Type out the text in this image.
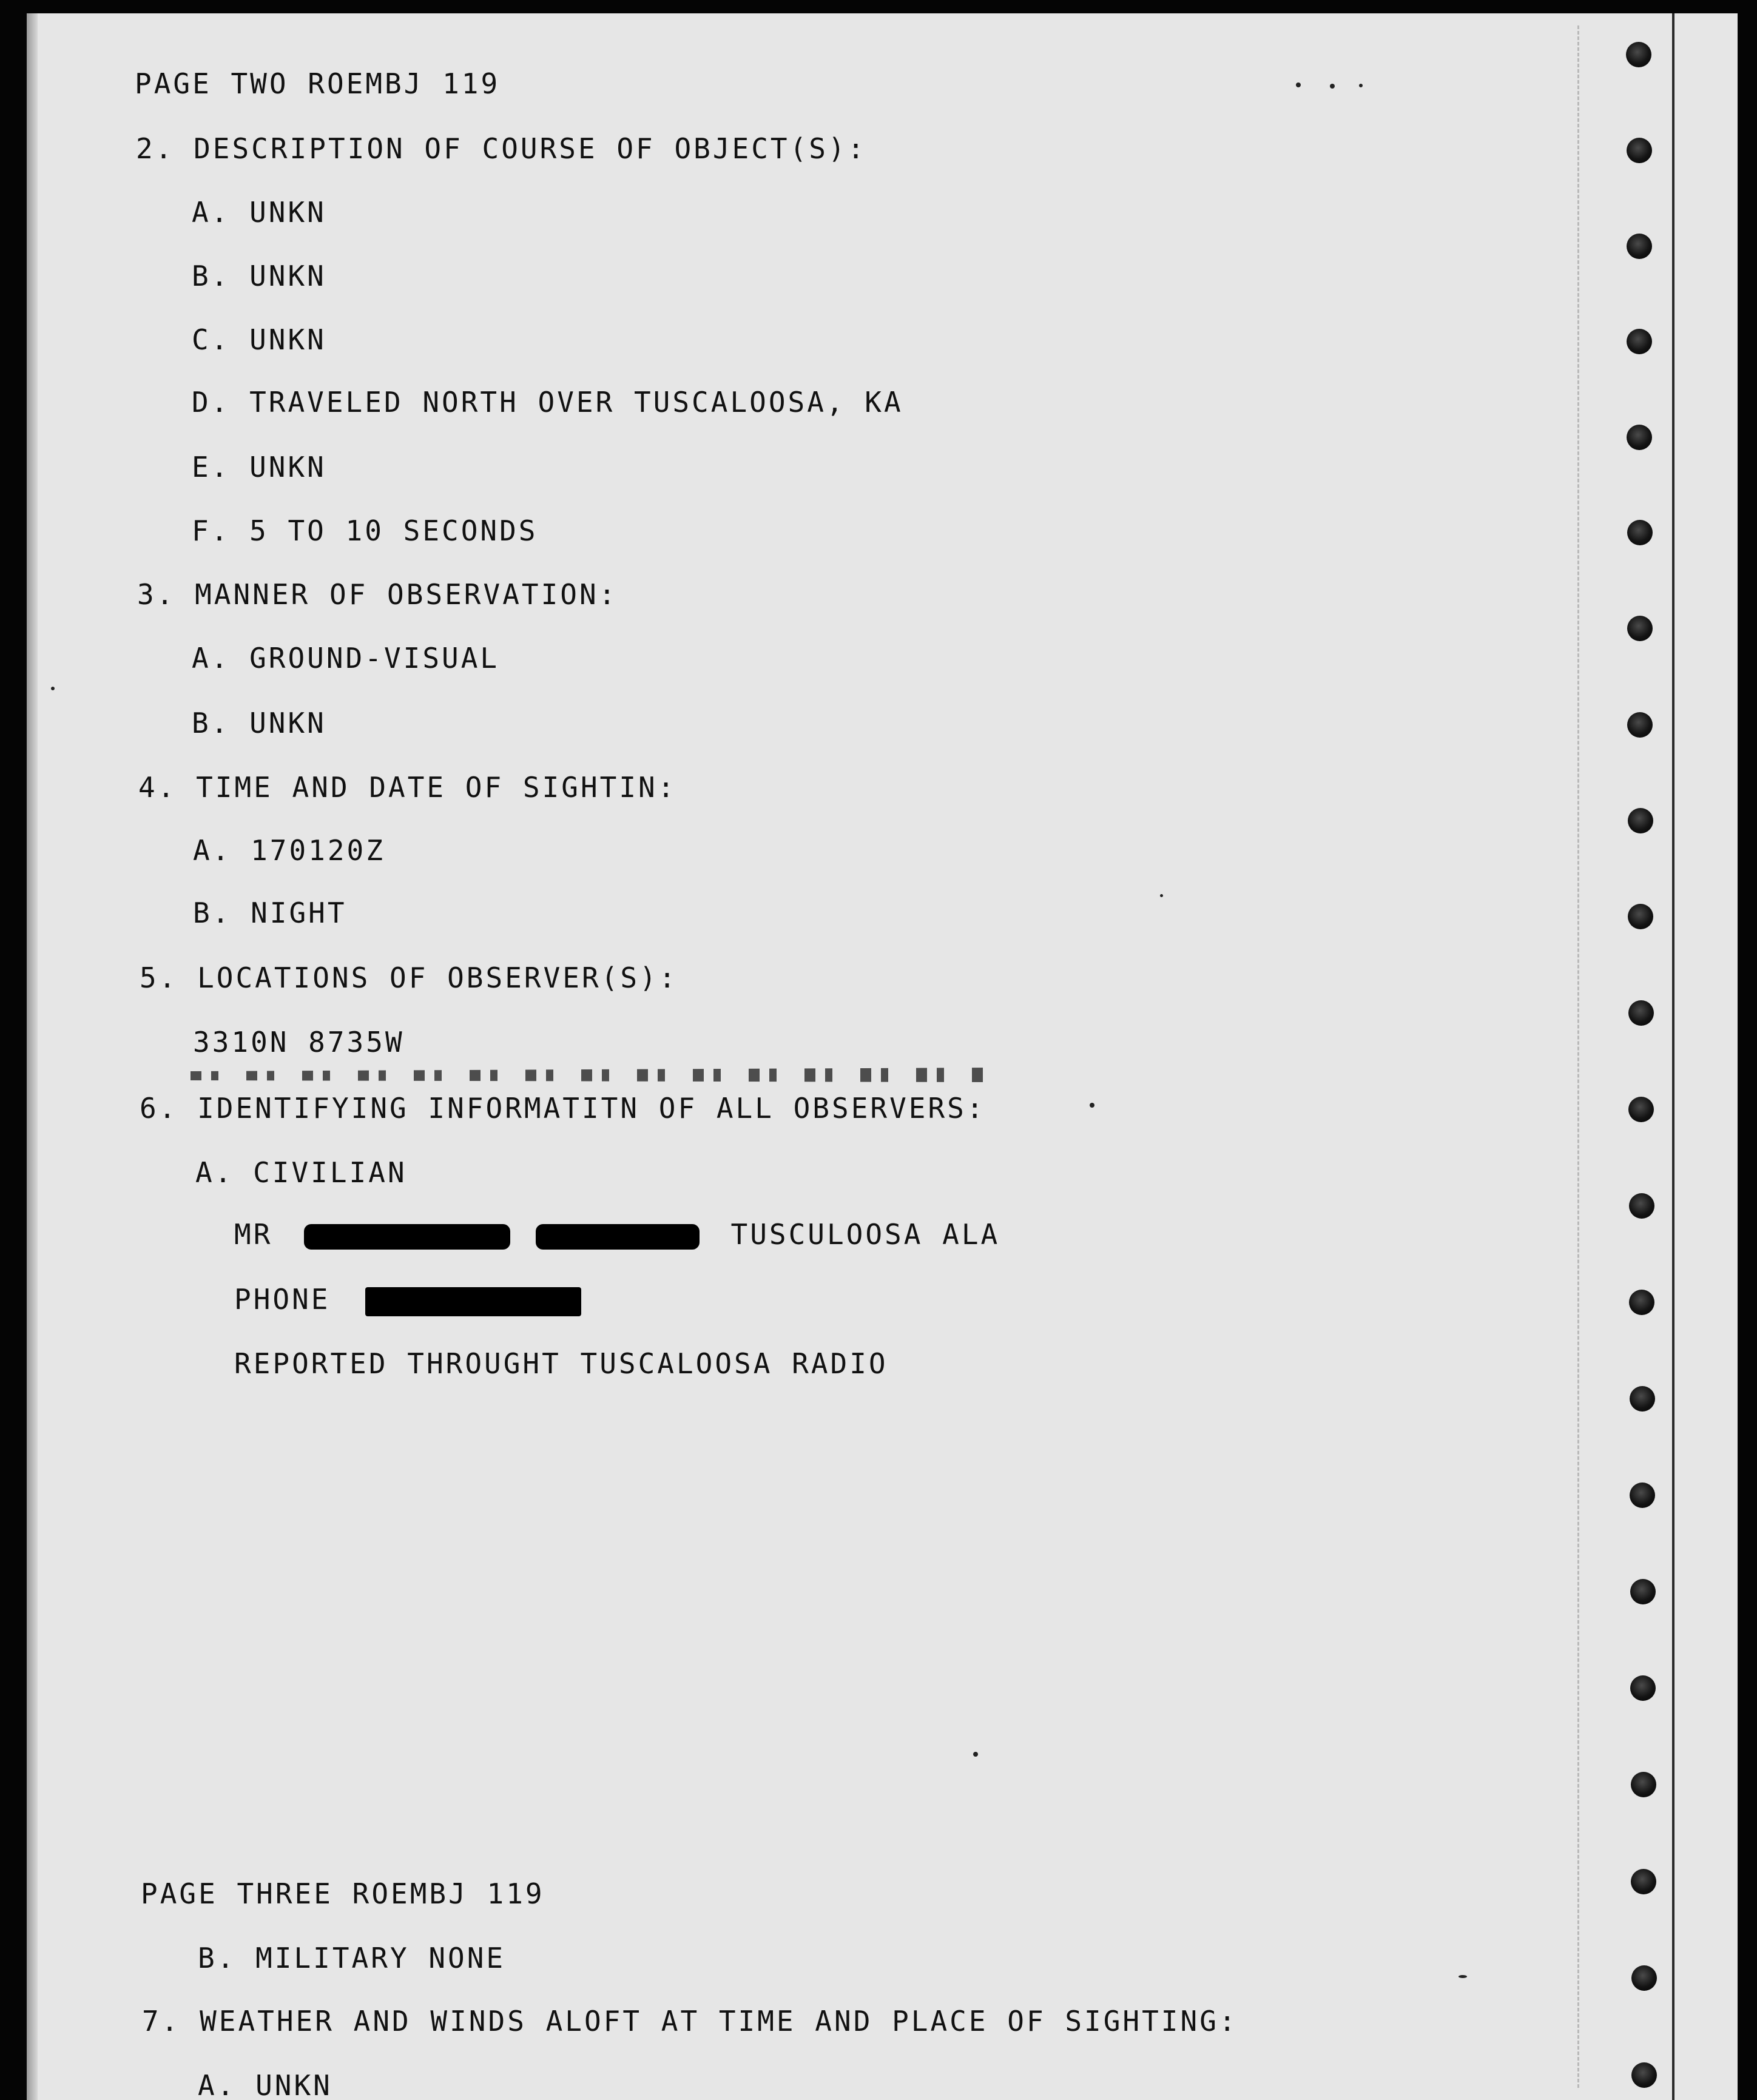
PAGE TWO ROEMBJ 119

2. DESCRIPTION OF COURSE OF OBJECT(S):

A. UNKN

B. UNKN

C. UNKN

D. TRAVELED NORTH OVER TUSCALOOSA, KA

E. UNKN

F. 5 TO 10 SECONDS

3. MANNER OF OBSERVATION:

A. GROUND-VISUAL

B. UNKN

4. TIME AND DATE OF SIGHTIN:

A. 170120Z

B. NIGHT

5. LOCATIONS OF OBSERVER(S):

3310N 8735W

6. IDENTIFYING INFORMATITN OF ALL OBSERVERS:

A. CIVILIAN

MR	TUSCULOOSA ALA

PHONE

REPORTED THROUGHT TUSCALOOSA RADIO

PAGE THREE ROEMBJ 119

B. MILITARY NONE

7. WEATHER AND WINDS ALOFT AT TIME AND PLACE OF SIGHTING:

A. UNKN
